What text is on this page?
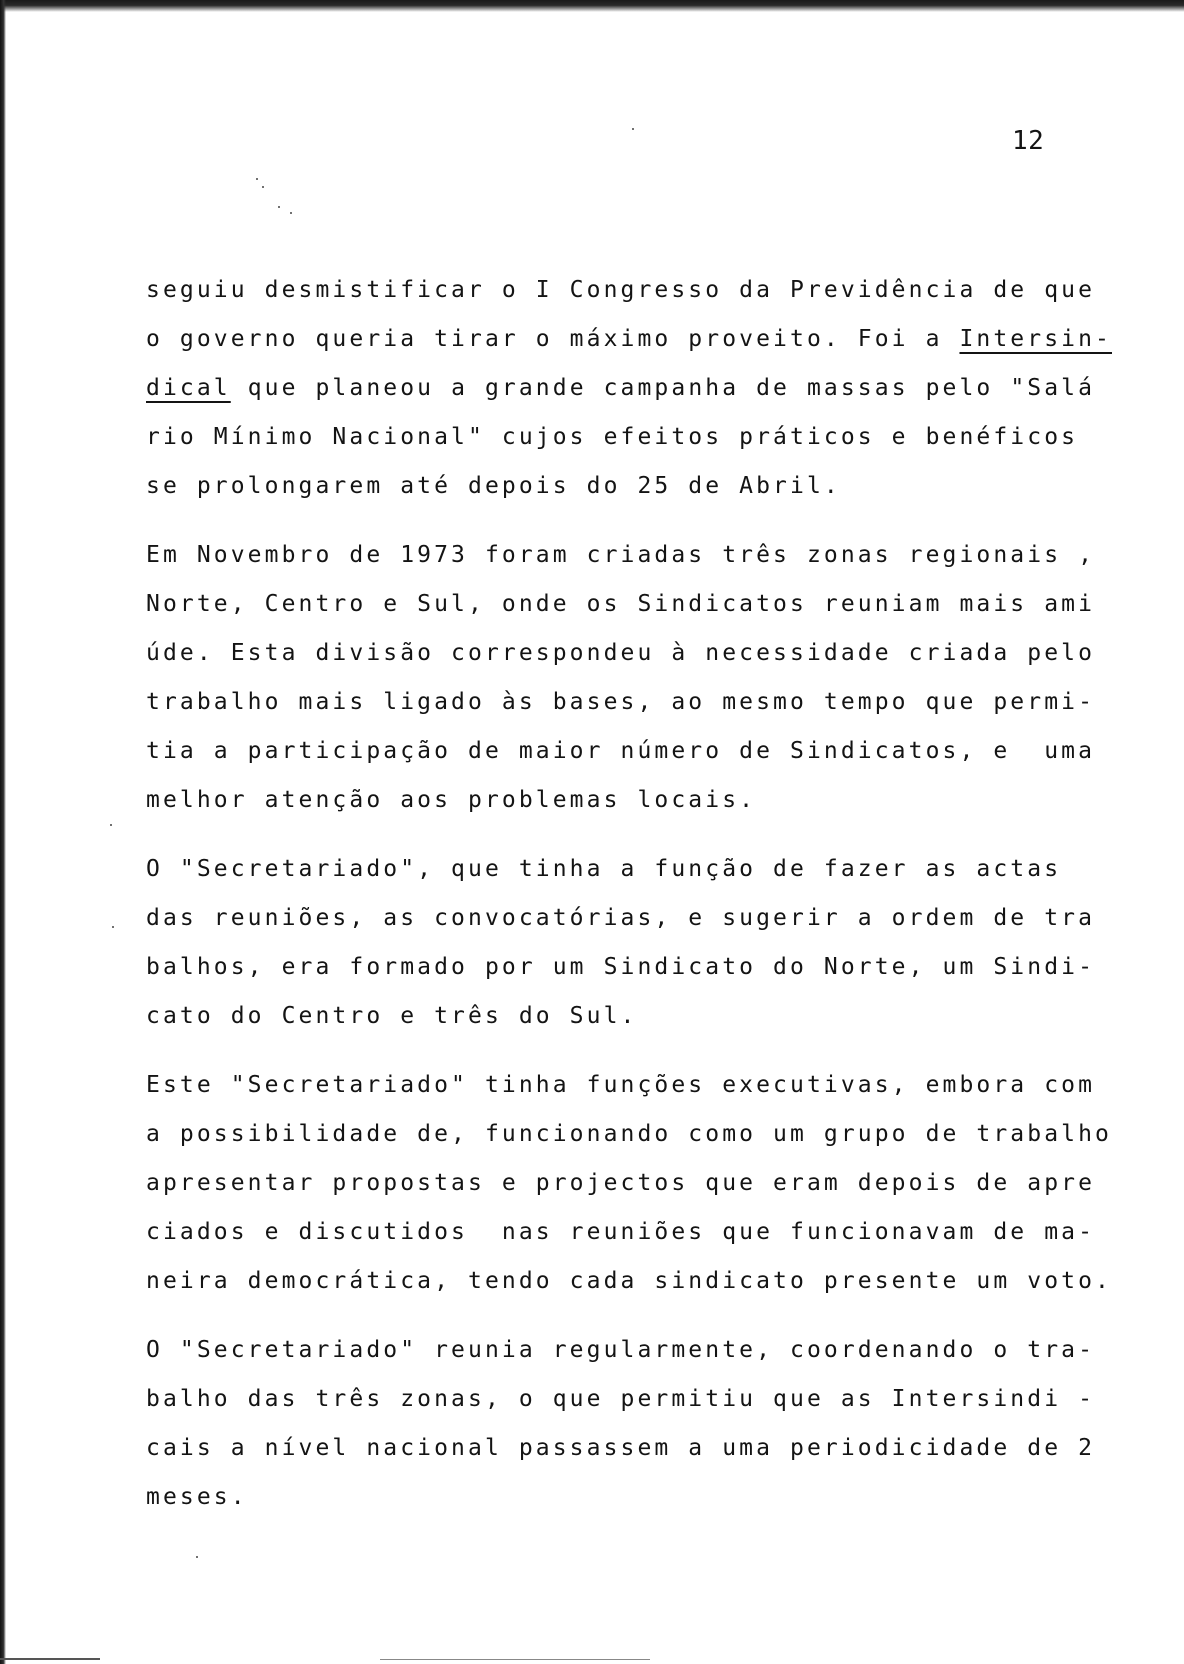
12
seguiu desmistificar o I Congresso da Previdência de que
o governo queria tirar o máximo proveito. Foi a Intersin-
dical que planeou a grande campanha de massas pelo "Salá
rio Mínimo Nacional" cujos efeitos práticos e benéficos
se prolongarem até depois do 25 de Abril.
Em Novembro de 1973 foram criadas três zonas regionais ,
Norte, Centro e Sul, onde os Sindicatos reuniam mais ami
úde. Esta divisão correspondeu à necessidade criada pelo
trabalho mais ligado às bases, ao mesmo tempo que permi-
tia a participação de maior número de Sindicatos, e  uma
melhor atenção aos problemas locais.
O "Secretariado", que tinha a função de fazer as actas
das reuniões, as convocatórias, e sugerir a ordem de tra
balhos, era formado por um Sindicato do Norte, um Sindi-
cato do Centro e três do Sul.
Este "Secretariado" tinha funções executivas, embora com
a possibilidade de, funcionando como um grupo de trabalho
apresentar propostas e projectos que eram depois de apre
ciados e discutidos  nas reuniões que funcionavam de ma-
neira democrática, tendo cada sindicato presente um voto.
O "Secretariado" reunia regularmente, coordenando o tra-
balho das três zonas, o que permitiu que as Intersindi -
cais a nível nacional passassem a uma periodicidade de 2
meses.
